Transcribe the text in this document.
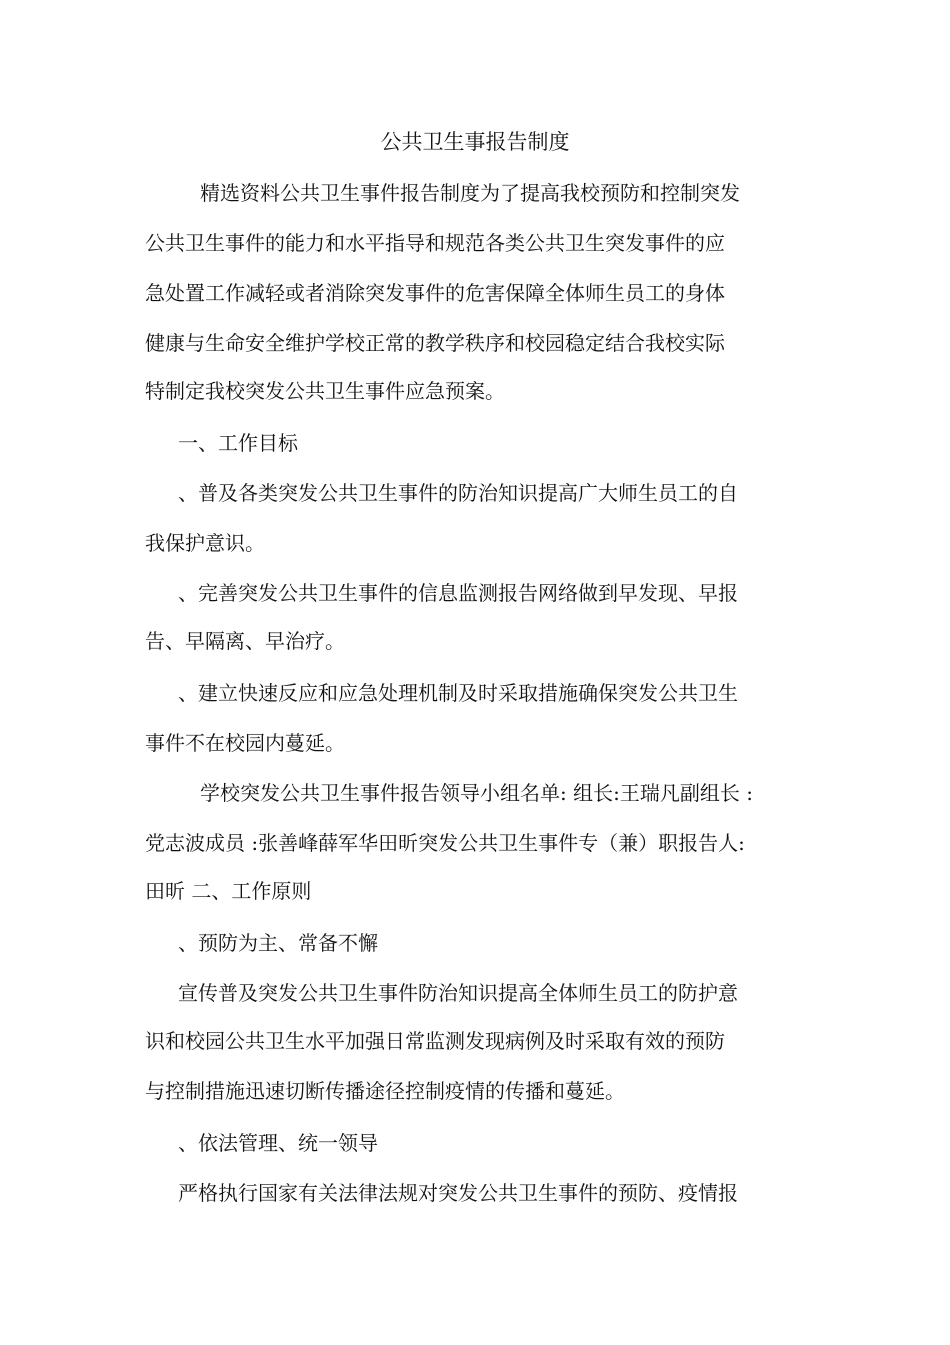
公共卫生事报告制度
精选资料公共卫生事件报告制度为了提高我校预防和控制突发
公共卫生事件的能力和水平指导和规范各类公共卫生突发事件的应
急处置工作减轻或者消除突发事件的危害保障全体师生员工的身体
健康与生命安全维护学校正常的教学秩序和校园稳定结合我校实际
特制定我校突发公共卫生事件应急预案。
一、工作目标
、普及各类突发公共卫生事件的防治知识提高广大师生员工的自
我保护意识。
、完善突发公共卫生事件的信息监测报告网络做到早发现、早报
告、早隔离、早治疗。
、建立快速反应和应急处理机制及时采取措施确保突发公共卫生
事件不在校园内蔓延。
学校突发公共卫生事件报告领导小组名单: 组长:王瑞凡副组长 :
党志波成员 :张善峰薛军华田昕突发公共卫生事件专（兼）职报告人:
田昕 二、工作原则
、预防为主、常备不懈
宣传普及突发公共卫生事件防治知识提高全体师生员工的防护意
识和校园公共卫生水平加强日常监测发现病例及时采取有效的预防
与控制措施迅速切断传播途径控制疫情的传播和蔓延。
、依法管理、统一领导
严格执行国家有关法律法规对突发公共卫生事件的预防、疫情报
